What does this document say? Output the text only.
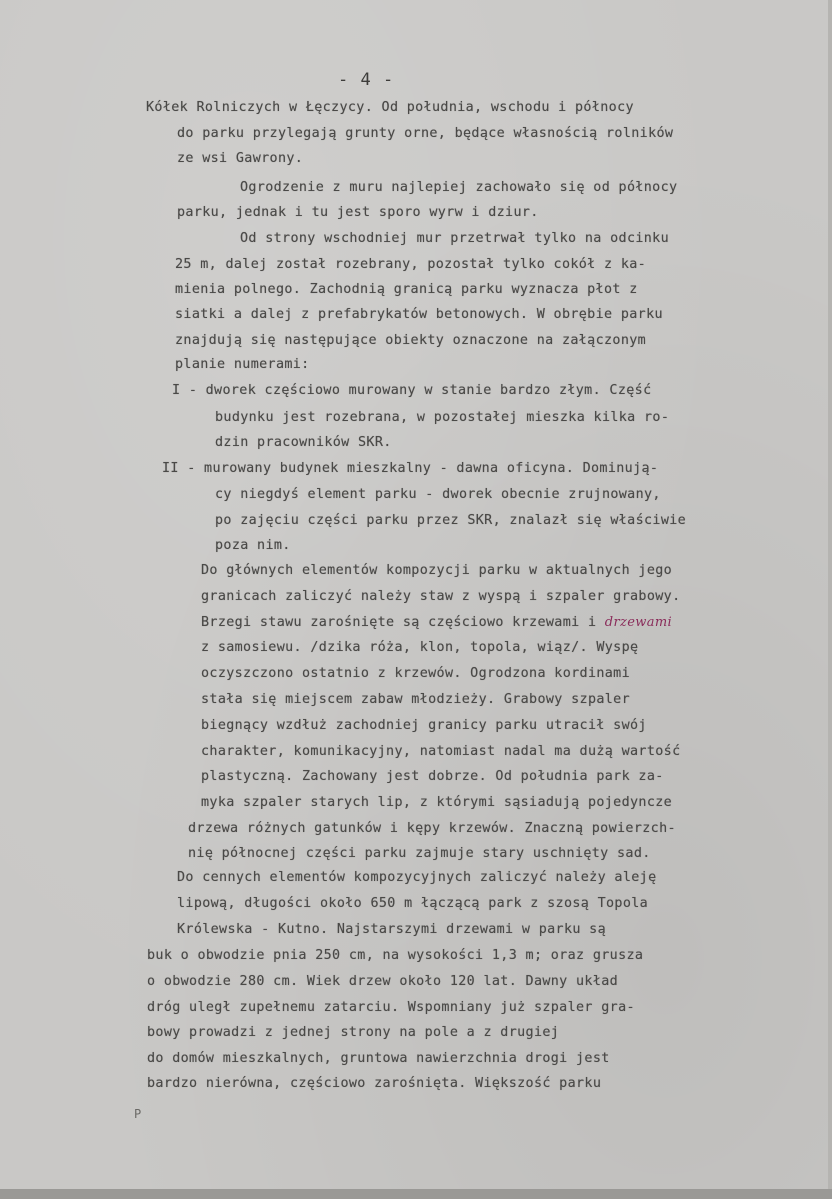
- 4 -
Kółek Rolniczych w Łęczycy. Od południa, wschodu i północy
do parku przylegają grunty orne, będące własnością rolników
ze wsi Gawrony.
Ogrodzenie z muru najlepiej zachowało się od północy
parku, jednak i tu jest sporo wyrw i dziur.
Od strony wschodniej mur przetrwał tylko na odcinku
25 m, dalej został rozebrany, pozostał tylko cokół z ka-
mienia polnego. Zachodnią granicą parku wyznacza płot z
siatki a dalej z prefabrykatów betonowych. W obrębie parku
znajdują się następujące obiekty oznaczone na załączonym
planie numerami:
I - dworek częściowo murowany w stanie bardzo złym. Część
budynku jest rozebrana, w pozostałej mieszka kilka ro-
dzin pracowników SKR.
II - murowany budynek mieszkalny - dawna oficyna. Dominują-
cy niegdyś element parku - dworek obecnie zrujnowany,
po zajęciu części parku przez SKR, znalazł się właściwie
poza nim.
Do głównych elementów kompozycji parku w aktualnych jego
granicach zaliczyć należy staw z wyspą i szpaler grabowy.
Brzegi stawu zarośnięte są częściowo krzewami i drzewami
z samosiewu. /dzika róża, klon, topola, wiąz/. Wyspę
oczyszczono ostatnio z krzewów. Ogrodzona kordinami
stała się miejscem zabaw młodzieży. Grabowy szpaler
biegnący wzdłuż zachodniej granicy parku utracił swój
charakter, komunikacyjny, natomiast nadal ma dużą wartość
plastyczną. Zachowany jest dobrze. Od południa park za-
myka szpaler starych lip, z którymi sąsiadują pojedyncze
drzewa różnych gatunków i kępy krzewów. Znaczną powierzch-
nię północnej części parku zajmuje stary uschnięty sad.
Do cennych elementów kompozycyjnych zaliczyć należy aleję
lipową, długości około 650 m łączącą park z szosą Topola
Królewska - Kutno. Najstarszymi drzewami w parku są
buk o obwodzie pnia 250 cm, na wysokości 1,3 m; oraz grusza
o obwodzie 280 cm. Wiek drzew około 120 lat. Dawny układ
dróg uległ zupełnemu zatarciu. Wspomniany już szpaler gra-
bowy prowadzi z jednej strony na pole a z drugiej
do domów mieszkalnych, gruntowa nawierzchnia drogi jest
bardzo nierówna, częściowo zarośnięta. Większość parku
P
